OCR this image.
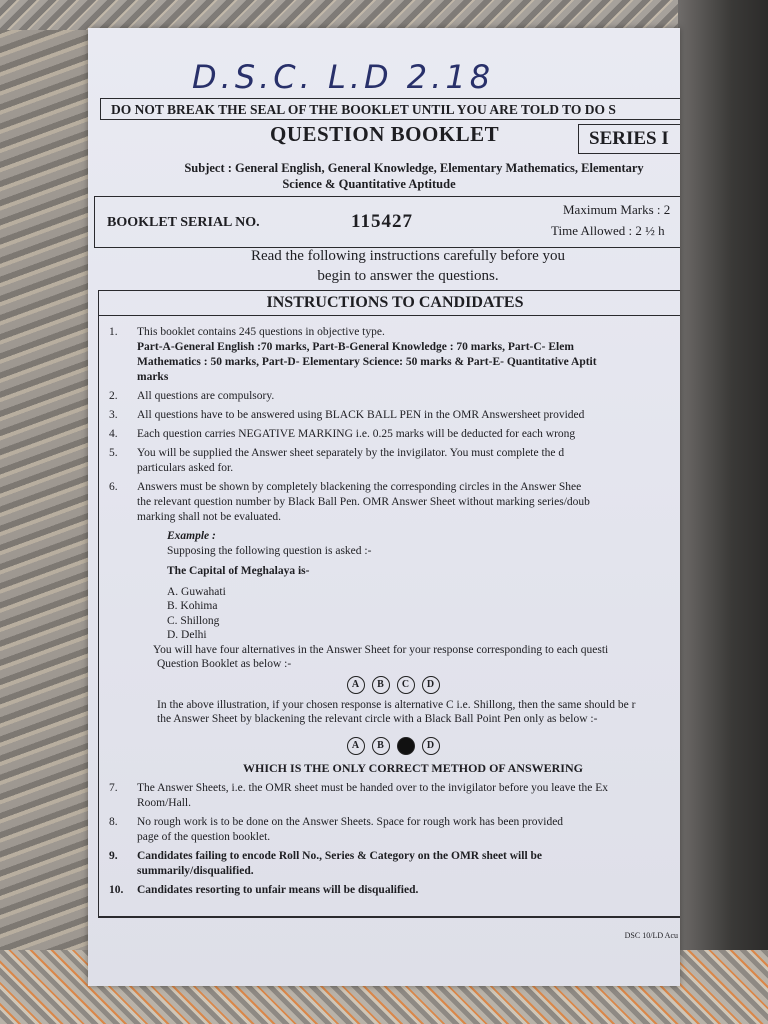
D.S.C. L.D 2.18
DO NOT BREAK THE SEAL OF THE BOOKLET UNTIL YOU ARE TOLD TO DO S
QUESTION BOOKLET	SERIES I
Subject : General English, General Knowledge, Elementary Mathematics, Elementary
Science & Quantitative Aptitude
BOOKLET SERIAL NO.	115427
Maximum Marks : 2
Time Allowed : 2 ½ h
Read the following instructions carefully before you
begin to answer the questions.
INSTRUCTIONS TO CANDIDATES
1.	This booklet contains 245 questions in objective type.
Part-A-General English :70 marks, Part-B-General Knowledge : 70 marks, Part-C- Elem
Mathematics : 50 marks, Part-D- Elementary Science: 50 marks & Part-E- Quantitative Aptit
marks
2.	All questions are compulsory.
3.	All questions have to be answered using BLACK BALL PEN in the OMR Answersheet provided
4.	Each question carries NEGATIVE MARKING i.e. 0.25 marks will be deducted for each wrong
5.	You will be supplied the Answer sheet separately by the invigilator. You must complete the d
particulars asked for.
6.	Answers must be shown by completely blackening the corresponding circles in the Answer Shee
the relevant question number by Black Ball Pen. OMR Answer Sheet without marking series/doub
marking shall not be evaluated.
Example :
Supposing the following question is asked :-
The Capital of Meghalaya is-
A. Guwahati
B. Kohima
C. Shillong
D. Delhi
You will have four alternatives in the Answer Sheet for your response corresponding to each questi
Question Booklet as below :-
A	B	C	D
In the above illustration, if your chosen response is alternative C i.e. Shillong, then the same should be r
the Answer Sheet by blackening the relevant circle with a Black Ball Point Pen only as below :-
A	B	D
WHICH IS THE ONLY CORRECT METHOD OF ANSWERING
7.	The Answer Sheets, i.e. the OMR sheet must be handed over to the invigilator before you leave the Ex
Room/Hall.
8.	No rough work is to be done on the Answer Sheets. Space for rough work has been provided
page of the question booklet.
9.	Candidates failing to encode Roll No., Series & Category on the OMR sheet will be
summarily/disqualified.
10.	Candidates resorting to unfair means will be disqualified.
DSC 10/LD Acu
